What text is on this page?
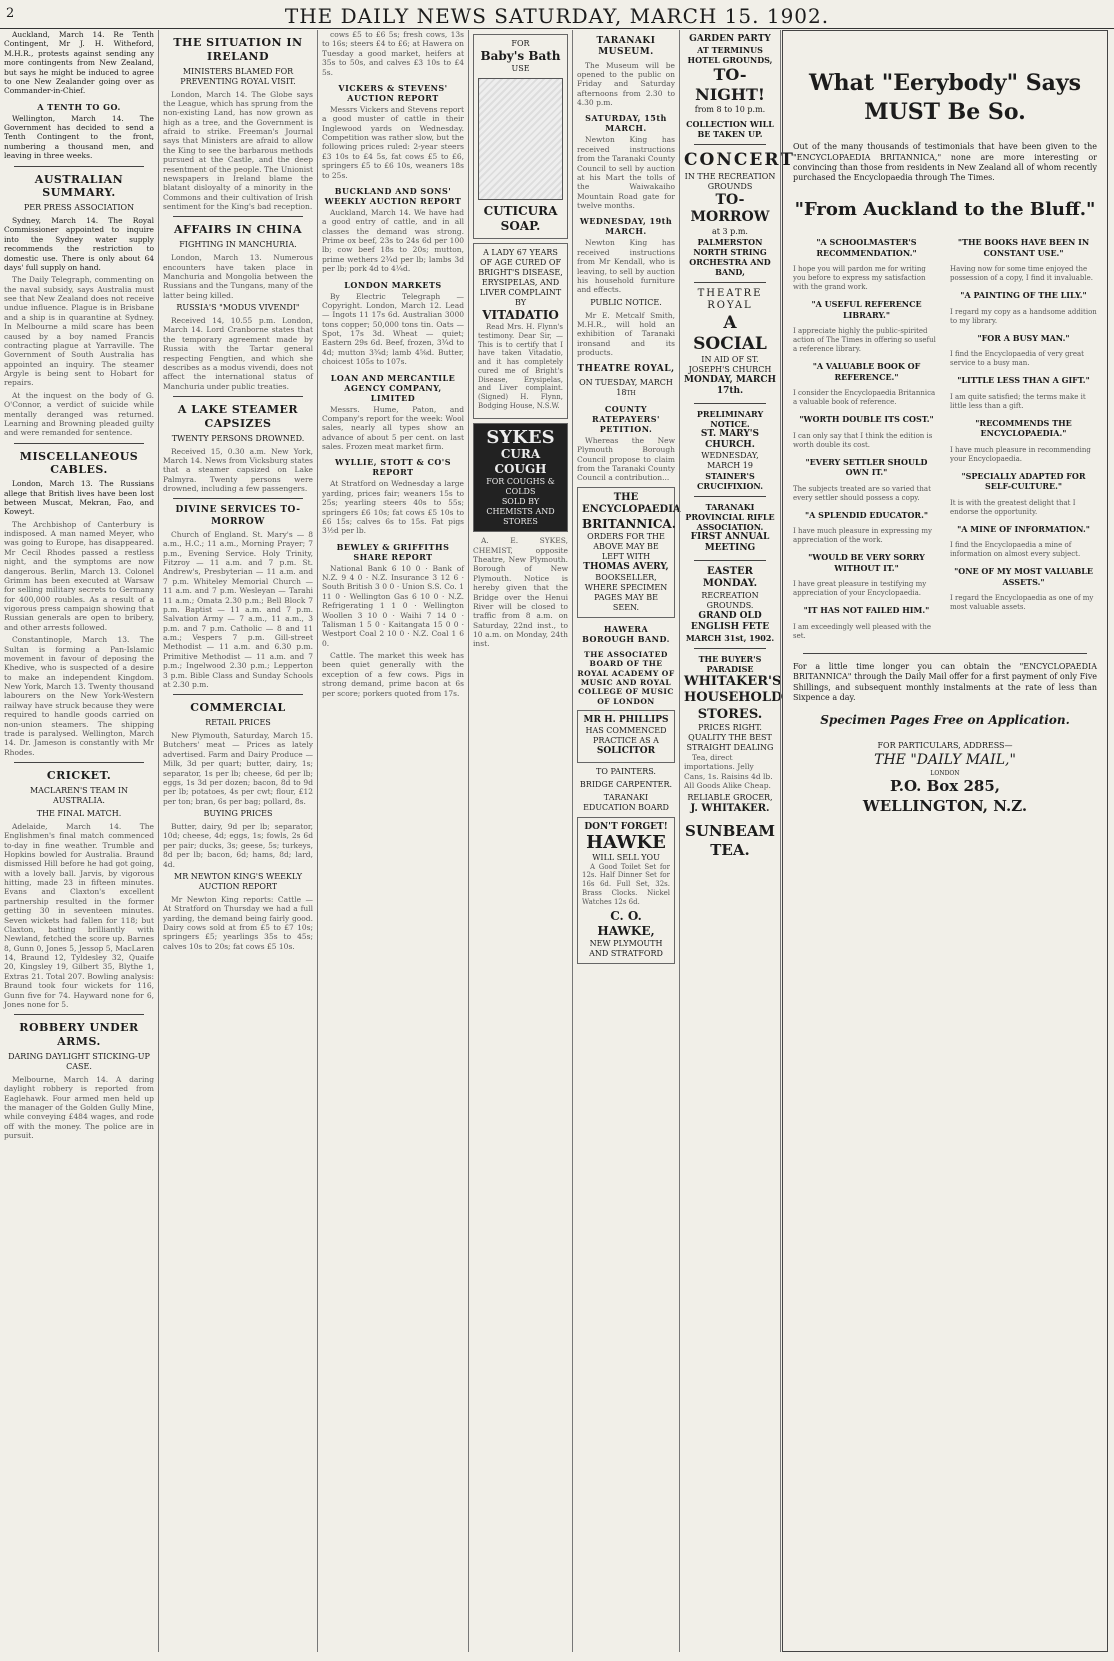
2	THE DAILY NEWS SATURDAY, MARCH 15. 1902.

Auckland, March 14. Re Tenth Contingent, Mr J. H. Witheford, M.H.R., protests against sending any more contingents from New Zealand, but says he might be induced to agree to one New Zealander going over as Commander-in-Chief.

A TENTH TO GO.

Wellington, March 14. The Government has decided to send a Tenth Contingent to the front, numbering a thousand men, and leaving in three weeks.

AUSTRALIAN SUMMARY.
PER PRESS ASSOCIATION

Sydney, March 14. The Royal Commissioner appointed to inquire into the Sydney water supply recommends the restriction to domestic use. There is only about 64 days' full supply on hand.

The Daily Telegraph, commenting on the naval subsidy, says Australia must see that New Zealand does not receive undue influence. Plague is in Brisbane and a ship is in quarantine at Sydney. In Melbourne a mild scare has been caused by a boy named Francis contracting plague at Yarraville. The Government of South Australia has appointed an inquiry. The steamer Argyle is being sent to Hobart for repairs.

At the inquest on the body of G. O'Connor, a verdict of suicide while mentally deranged was returned. Learning and Browning pleaded guilty and were remanded for sentence.

MISCELLANEOUS CABLES.

London, March 13. The Russians allege that British lives have been lost between Muscat, Mekran, Fao, and Koweyt.

The Archbishop of Canterbury is indisposed. A man named Meyer, who was going to Europe, has disappeared. Mr Cecil Rhodes passed a restless night, and the symptoms are now dangerous. Berlin, March 13. Colonel Grimm has been executed at Warsaw for selling military secrets to Germany for 400,000 roubles. As a result of a vigorous press campaign showing that Russian generals are open to bribery, and other arrests followed.

Constantinople, March 13. The Sultan is forming a Pan-Islamic movement in favour of deposing the Khedive, who is suspected of a desire to make an independent Kingdom. New York, March 13. Twenty thousand labourers on the New York-Western railway have struck because they were required to handle goods carried on non-union steamers. The shipping trade is paralysed. Wellington, March 14. Dr. Jameson is constantly with Mr Rhodes.

CRICKET.
MACLAREN'S TEAM IN AUSTRALIA.
THE FINAL MATCH.

Adelaide, March 14. The Englishmen's final match commenced to-day in fine weather. Trumble and Hopkins bowled for Australia. Braund dismissed Hill before he had got going, with a lovely ball. Jarvis, by vigorous hitting, made 23 in fifteen minutes. Evans and Claxton's excellent partnership resulted in the former getting 30 in seventeen minutes. Seven wickets had fallen for 118; but Claxton, batting brilliantly with Newland, fetched the score up. Barnes 8, Gunn 0, Jones 5, Jessop 5, MacLaren 14, Braund 12, Tyldesley 32, Quaife 20, Kingsley 19, Gilbert 35, Blythe 1, Extras 21. Total 207. Bowling analysis: Braund took four wickets for 116, Gunn five for 74. Hayward none for 6, Jones none for 5.

ROBBERY UNDER ARMS.
DARING DAYLIGHT STICKING-UP CASE.

Melbourne, March 14. A daring daylight robbery is reported from Eaglehawk. Four armed men held up the manager of the Golden Gully Mine, while conveying £484 wages, and rode off with the money. The police are in pursuit.

THE SITUATION IN IRELAND
MINISTERS BLAMED FOR PREVENTING ROYAL VISIT.

London, March 14. The Globe says the League, which has sprung from the non-existing Land, has now grown as high as a tree, and the Government is afraid to strike. Freeman's Journal says that Ministers are afraid to allow the King to see the barbarous methods pursued at the Castle, and the deep resentment of the people. The Unionist newspapers in Ireland blame the blatant disloyalty of a minority in the Commons and their cultivation of Irish sentiment for the King's bad reception.

AFFAIRS IN CHINA
FIGHTING IN MANCHURIA.

London, March 13. Numerous encounters have taken place in Manchuria and Mongolia between the Russians and the Tungans, many of the latter being killed.

RUSSIA'S "MODUS VIVENDI"

Received 14, 10.55 p.m. London, March 14. Lord Cranborne states that the temporary agreement made by Russia with the Tartar general respecting Fengtien, and which she describes as a modus vivendi, does not affect the international status of Manchuria under public treaties.

A LAKE STEAMER CAPSIZES
TWENTY PERSONS DROWNED.

Received 15, 0.30 a.m. New York, March 14. News from Vicksburg states that a steamer capsized on Lake Palmyra. Twenty persons were drowned, including a few passengers.

DIVINE SERVICES TO-MORROW

Church of England. St. Mary's — 8 a.m., H.C.; 11 a.m., Morning Prayer; 7 p.m., Evening Service. Holy Trinity, Fitzroy — 11 a.m. and 7 p.m. St. Andrew's, Presbyterian — 11 a.m. and 7 p.m. Whiteley Memorial Church — 11 a.m. and 7 p.m. Wesleyan — Tarahi 11 a.m.; Omata 2.30 p.m.; Bell Block 7 p.m. Baptist — 11 a.m. and 7 p.m. Salvation Army — 7 a.m., 11 a.m., 3 p.m. and 7 p.m. Catholic — 8 and 11 a.m.; Vespers 7 p.m. Gill-street Methodist — 11 a.m. and 6.30 p.m. Primitive Methodist — 11 a.m. and 7 p.m.; Ingelwood 2.30 p.m.; Lepperton 3 p.m. Bible Class and Sunday Schools at 2.30 p.m.

COMMERCIAL
RETAIL PRICES

New Plymouth, Saturday, March 15. Butchers' meat — Prices as lately advertised. Farm and Dairy Produce — Milk, 3d per quart; butter, dairy, 1s; separator, 1s per lb; cheese, 6d per lb; eggs, 1s 3d per dozen; bacon, 8d to 9d per lb; potatoes, 4s per cwt; flour, £12 per ton; bran, 6s per bag; pollard, 8s.

BUYING PRICES

Butter, dairy, 9d per lb; separator, 10d; cheese, 4d; eggs, 1s; fowls, 2s 6d per pair; ducks, 3s; geese, 5s; turkeys, 8d per lb; bacon, 6d; hams, 8d; lard, 4d.

MR NEWTON KING'S WEEKLY AUCTION REPORT

Mr Newton King reports: Cattle — At Stratford on Thursday we had a full yarding, the demand being fairly good. Dairy cows sold at from £5 to £7 10s; springers £5; yearlings 35s to 45s; calves 10s to 20s; fat cows £5 10s.

cows £5 to £6 5s; fresh cows, 13s to 16s; steers £4 to £6; at Hawera on Tuesday a good market, heifers at 35s to 50s, and calves £3 10s to £4 5s.

VICKERS & STEVENS' AUCTION REPORT

Messrs Vickers and Stevens report a good muster of cattle in their Inglewood yards on Wednesday. Competition was rather slow, but the following prices ruled: 2-year steers £3 10s to £4 5s, fat cows £5 to £6, springers £5 to £6 10s, weaners 18s to 25s.

BUCKLAND AND SONS' WEEKLY AUCTION REPORT

Auckland, March 14. We have had a good entry of cattle, and in all classes the demand was strong. Prime ox beef, 23s to 24s 6d per 100 lb; cow beef 18s to 20s; mutton, prime wethers 2¾d per lb; lambs 3d per lb; pork 4d to 4¼d.

LONDON MARKETS

By Electric Telegraph — Copyright. London, March 12. Lead — Ingots 11 17s 6d. Australian 3000 tons copper; 50,000 tons tin. Oats — Spot, 17s 3d. Wheat — quiet; Eastern 29s 6d. Beef, frozen, 3¾d to 4d; mutton 3¾d; lamb 4⅝d. Butter, choicest 105s to 107s.

LOAN AND MERCANTILE AGENCY COMPANY, LIMITED

Messrs. Hume, Paton, and Company's report for the week: Wool sales, nearly all types show an advance of about 5 per cent. on last sales. Frozen meat market firm.

WYLLIE, STOTT & CO'S REPORT

At Stratford on Wednesday a large yarding, prices fair; weaners 15s to 25s; yearling steers 40s to 55s; springers £6 10s; fat cows £5 10s to £6 15s; calves 6s to 15s. Fat pigs 3½d per lb.

BEWLEY & GRIFFITHS SHARE REPORT

National Bank 6 10 0 · Bank of N.Z. 9 4 0 · N.Z. Insurance 3 12 6 · South British 3 0 0 · Union S.S. Co. 1 11 0 · Wellington Gas 6 10 0 · N.Z. Refrigerating 1 1 0 · Wellington Woollen 3 10 0 · Waihi 7 14 0 · Talisman 1 5 0 · Kaitangata 15 0 0 · Westport Coal 2 10 0 · N.Z. Coal 1 6 0.

Cattle. The market this week has been quiet generally with the exception of a few cows. Pigs in strong demand, prime bacon at 6s per score; porkers quoted from 17s.

FOR
Baby's Bath
USE
CUTICURA SOAP.
A LADY 67 YEARS OF AGE CURED OF BRIGHT'S DISEASE, ERYSIPELAS, AND LIVER COMPLAINT BY
VITADATIO

Read Mrs. H. Flynn's testimony. Dear Sir, — This is to certify that I have taken Vitadatio, and it has completely cured me of Bright's Disease, Erysipelas, and Liver complaint. (Signed) H. Flynn, Bodging House, N.S.W.

SYKES
CURA COUGH
FOR COUGHS & COLDS
SOLD BY CHEMISTS AND STORES

A. E. SYKES, CHEMIST, opposite Theatre, New Plymouth. Borough of New Plymouth. Notice is hereby given that the Bridge over the Henui River will be closed to traffic from 8 a.m. on Saturday, 22nd inst., to 10 a.m. on Monday, 24th inst.

TARANAKI MUSEUM.

The Museum will be opened to the public on Friday and Saturday afternoons from 2.30 to 4.30 p.m.

SATURDAY, 15th MARCH.

Newton King has received instructions from the Taranaki County Council to sell by auction at his Mart the tolls of the Waiwakaiho Mountain Road gate for twelve months.

WEDNESDAY, 19th MARCH.

Newton King has received instructions from Mr Kendall, who is leaving, to sell by auction his household furniture and effects.

PUBLIC NOTICE.

Mr E. Metcalf Smith, M.H.R., will hold an exhibition of Taranaki ironsand and its products.

THEATRE ROYAL,
ON TUESDAY, MARCH 18th
COUNTY RATEPAYERS' PETITION.

Whereas the New Plymouth Borough Council propose to claim from the Taranaki County Council a contribution...

THE ENCYCLOPAEDIA
BRITANNICA.
ORDERS FOR THE ABOVE MAY BE LEFT WITH
THOMAS AVERY,
BOOKSELLER, WHERE SPECIMEN PAGES MAY BE SEEN.
HAWERA BOROUGH BAND.
THE ASSOCIATED BOARD OF THE ROYAL ACADEMY OF MUSIC AND ROYAL COLLEGE OF MUSIC OF LONDON
MR H. PHILLIPS
HAS COMMENCED PRACTICE AS A
SOLICITOR
TO PAINTERS.
BRIDGE CARPENTER.
TARANAKI EDUCATION BOARD
DON'T FORGET!
HAWKE
WILL SELL YOU

A Good Toilet Set for 12s. Half Dinner Set for 16s 6d. Full Set, 32s. Brass Clocks. Nickel Watches 12s 6d.

C. O. HAWKE,
NEW PLYMOUTH AND STRATFORD
GARDEN PARTY
AT TERMINUS HOTEL GROUNDS,
TO-NIGHT!
from 8 to 10 p.m.
COLLECTION WILL BE TAKEN UP.
CONCERT
IN THE RECREATION GROUNDS
TO-MORROW
at 3 p.m.
PALMERSTON NORTH STRING ORCHESTRA AND BAND,
THEATRE ROYAL
A SOCIAL
IN AID OF ST. JOSEPH'S CHURCH
MONDAY, MARCH 17th.
PRELIMINARY NOTICE.
ST. MARY'S CHURCH.
WEDNESDAY, MARCH 19
STAINER'S CRUCIFIXION.
TARANAKI PROVINCIAL RIFLE ASSOCIATION.
FIRST ANNUAL MEETING
EASTER MONDAY.
RECREATION GROUNDS.
GRAND OLD ENGLISH FETE
MARCH 31st, 1902.
THE BUYER'S PARADISE
WHITAKER'S HOUSEHOLD STORES.
PRICES RIGHT.
QUALITY THE BEST
STRAIGHT DEALING

Tea, direct importations. Jelly Cans, 1s. Raisins 4d lb. All Goods Alike Cheap.

RELIABLE GROCER,
J. WHITAKER.
SUNBEAM TEA.
What "Eerybody" Says MUST Be So.

Out of the many thousands of testimonials that have been given to the "ENCYCLOPAEDIA BRITANNICA," none are more interesting or convincing than those from residents in New Zealand all of whom recently purchased the Encyclopaedia through The Times.

"From Auckland to the Bluff."
"A SCHOOLMASTER'S RECOMMENDATION."

I hope you will pardon me for writing you before to express my satisfaction with the grand work.

"A USEFUL REFERENCE LIBRARY."

I appreciate highly the public-spirited action of The Times in offering so useful a reference library.

"A VALUABLE BOOK OF REFERENCE."

I consider the Encyclopaedia Britannica a valuable book of reference.

"WORTH DOUBLE ITS COST."

I can only say that I think the edition is worth double its cost.

"EVERY SETTLER SHOULD OWN IT."

The subjects treated are so varied that every settler should possess a copy.

"A SPLENDID EDUCATOR."

I have much pleasure in expressing my appreciation of the work.

"WOULD BE VERY SORRY WITHOUT IT."

I have great pleasure in testifying my appreciation of your Encyclopaedia.

"IT HAS NOT FAILED HIM."

I am exceedingly well pleased with the set.

"THE BOOKS HAVE BEEN IN CONSTANT USE."

Having now for some time enjoyed the possession of a copy, I find it invaluable.

"A PAINTING OF THE LILY."

I regard my copy as a handsome addition to my library.

"FOR A BUSY MAN."

I find the Encyclopaedia of very great service to a busy man.

"LITTLE LESS THAN A GIFT."

I am quite satisfied; the terms make it little less than a gift.

"RECOMMENDS THE ENCYCLOPAEDIA."

I have much pleasure in recommending your Encyclopaedia.

"SPECIALLY ADAPTED FOR SELF-CULTURE."

It is with the greatest delight that I endorse the opportunity.

"A MINE OF INFORMATION."

I find the Encyclopaedia a mine of information on almost every subject.

"ONE OF MY MOST VALUABLE ASSETS."

I regard the Encyclopaedia as one of my most valuable assets.

For a little time longer you can obtain the "ENCYCLOPAEDIA BRITANNICA" through the Daily Mail offer for a first payment of only Five Shillings, and subsequent monthly instalments at the rate of less than Sixpence a day.

Specimen Pages Free on Application.
FOR PARTICULARS, ADDRESS—
THE "DAILY MAIL,"
LONDON
P.O. Box 285,
WELLINGTON, N.Z.
